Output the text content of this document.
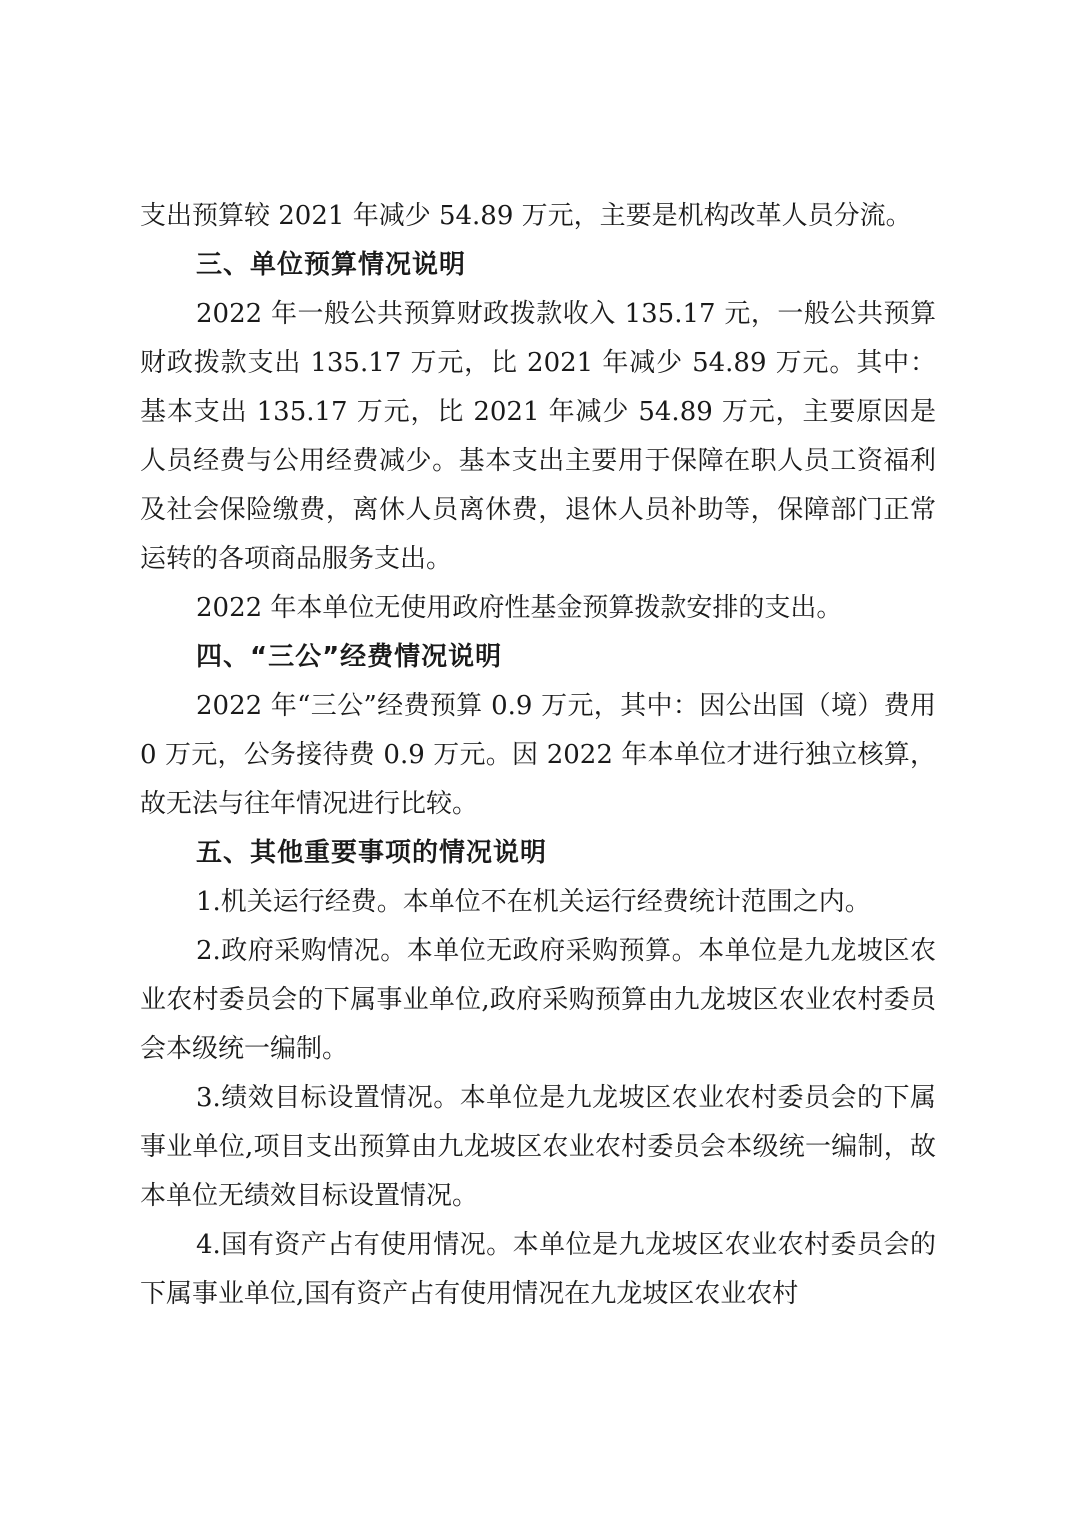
支出预算较 2021 年减少 54.89 万元，主要是机构改革人员分流。

三、单位预算情况说明

2022 年一般公共预算财政拨款收入 135.17 元，一般公共预算财政拨款支出 135.17 万元，比 2021 年减少 54.89 万元。其中：基本支出 135.17 万元，比 2021 年减少 54.89 万元，主要原因是人员经费与公用经费减少。基本支出主要用于保障在职人员工资福利及社会保险缴费，离休人员离休费，退休人员补助等，保障部门正常运转的各项商品服务支出。

2022 年本单位无使用政府性基金预算拨款安排的支出。

四、“三公”经费情况说明

2022 年“三公”经费预算 0.9 万元，其中：因公出国（境）费用 0 万元，公务接待费 0.9 万元。因 2022 年本单位才进行独立核算，故无法与往年情况进行比较。

五、其他重要事项的情况说明

1.机关运行经费。本单位不在机关运行经费统计范围之内。

2.政府采购情况。本单位无政府采购预算。本单位是九龙坡区农业农村委员会的下属事业单位,政府采购预算由九龙坡区农业农村委员会本级统一编制。

3.绩效目标设置情况。本单位是九龙坡区农业农村委员会的下属事业单位,项目支出预算由九龙坡区农业农村委员会本级统一编制，故本单位无绩效目标设置情况。

4.国有资产占有使用情况。本单位是九龙坡区农业农村委员会的下属事业单位,国有资产占有使用情况在九龙坡区农业农村
